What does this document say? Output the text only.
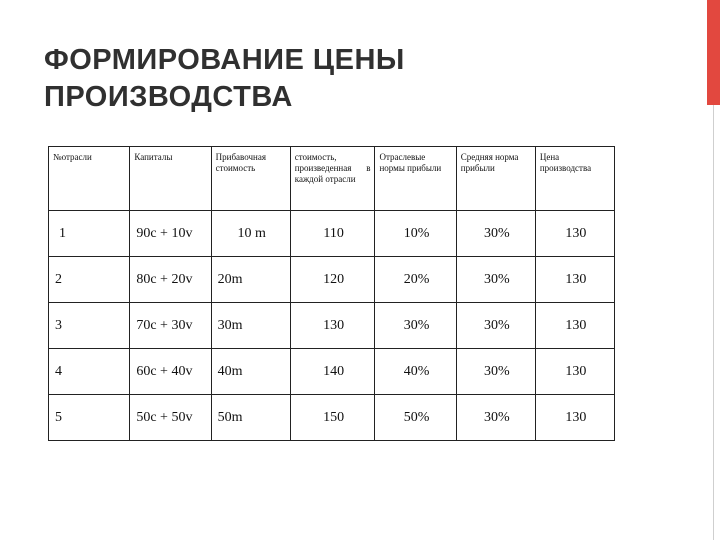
ФОРМИРОВАНИЕ ЦЕНЫ
ПРОИЗВОДСТВА
№отрасли	Капиталы	Прибавочная стоимость	стоимость, произведенная в каждой отрасли	Отраслевые нормы прибыли	Средняя норма прибыли	Цена производства
1	90c + 10v	10 m	110	10%	30%	130
2	80c + 20v	20m	120	20%	30%	130
3	70c + 30v	30m	130	30%	30%	130
4	60c + 40v	40m	140	40%	30%	130
5	50c + 50v	50m	150	50%	30%	130
